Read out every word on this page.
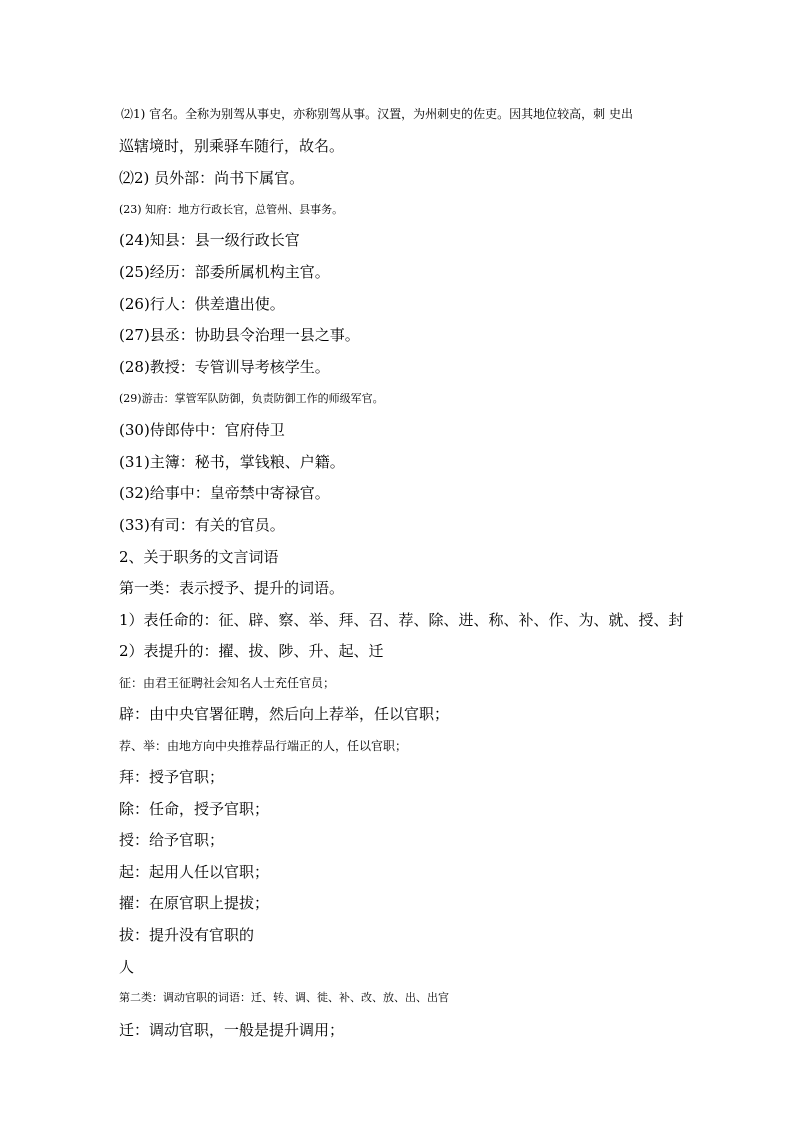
⑵1) 官名。全称为别驾从事史，亦称别驾从事。汉置，为州刺史的佐吏。因其地位较高，刺 史出
巡辖境时，别乘驿车随行，故名。
⑵2) 员外部：尚书下属官。
(23) 知府：地方行政长官，总管州、县事务。
(24)知县：县一级行政长官
(25)经历：部委所属机构主官。
(26)行人：供差遣出使。
(27)县丞：协助县令治理一县之事。
(28)教授：专管训导考核学生。
(29)游击：掌管军队防御，负责防御工作的师级军官。
(30)侍郎侍中：官府侍卫
(31)主簿：秘书，掌钱粮、户籍。
(32)给事中：皇帝禁中寄禄官。
(33)有司：有关的官员。
2、关于职务的文言词语
第一类：表示授予、提升的词语。
1）表任命的：征、辟、察、举、拜、召、荐、除、进、称、补、作、为、就、授、封
2）表提升的：擢、拔、陟、升、起、迁
征：由君王征聘社会知名人士充任官员；
辟：由中央官署征聘，然后向上荐举，任以官职；
荐、举：由地方向中央推荐品行端正的人，任以官职；
拜：授予官职；
除：任命，授予官职；
授：给予官职；
起：起用人任以官职；
擢：在原官职上提拔；
拔：提升没有官职的
人
第二类：调动官职的词语：迁、转、调、徙、补、改、放、出、出官
迁：调动官职，一般是提升调用；
